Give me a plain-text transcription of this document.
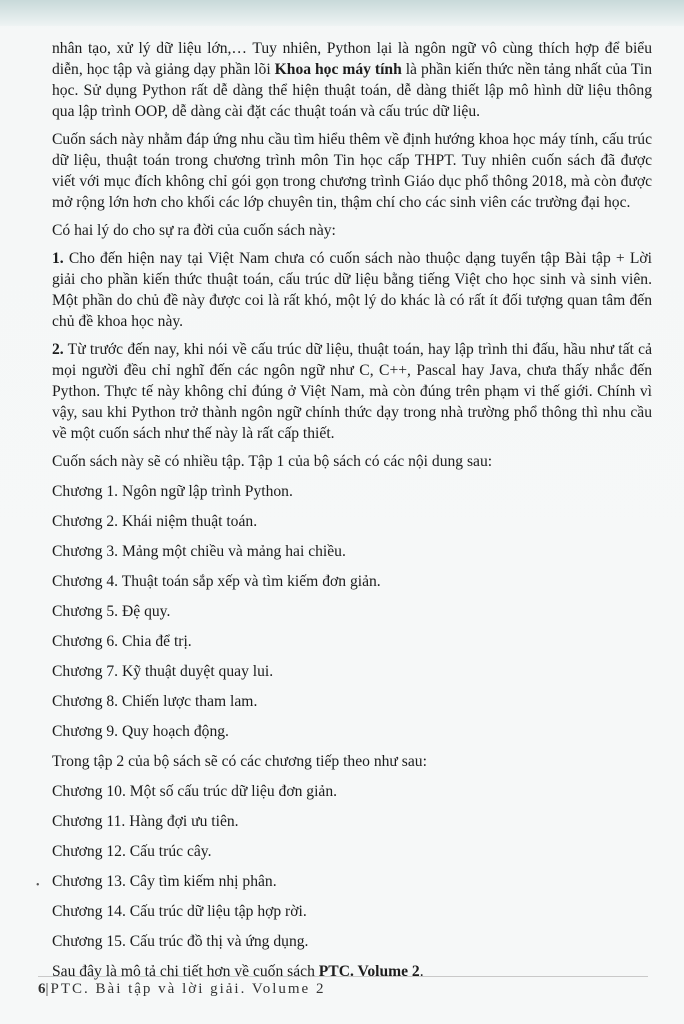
nhân tạo, xử lý dữ liệu lớn,… Tuy nhiên, Python lại là ngôn ngữ vô cùng thích hợp để biểu diễn, học tập và giảng dạy phần lõi Khoa học máy tính là phần kiến thức nền tảng nhất của Tin học. Sử dụng Python rất dễ dàng thể hiện thuật toán, dễ dàng thiết lập mô hình dữ liệu thông qua lập trình OOP, dễ dàng cài đặt các thuật toán và cấu trúc dữ liệu.

Cuốn sách này nhằm đáp ứng nhu cầu tìm hiểu thêm về định hướng khoa học máy tính, cấu trúc dữ liệu, thuật toán trong chương trình môn Tin học cấp THPT. Tuy nhiên cuốn sách đã được viết với mục đích không chỉ gói gọn trong chương trình Giáo dục phổ thông 2018, mà còn được mở rộng lớn hơn cho khối các lớp chuyên tin, thậm chí cho các sinh viên các trường đại học.

Có hai lý do cho sự ra đời của cuốn sách này:

1. Cho đến hiện nay tại Việt Nam chưa có cuốn sách nào thuộc dạng tuyển tập Bài tập + Lời giải cho phần kiến thức thuật toán, cấu trúc dữ liệu bằng tiếng Việt cho học sinh và sinh viên. Một phần do chủ đề này được coi là rất khó, một lý do khác là có rất ít đối tượng quan tâm đến chủ đề khoa học này.

2. Từ trước đến nay, khi nói về cấu trúc dữ liệu, thuật toán, hay lập trình thi đấu, hầu như tất cả mọi người đều chỉ nghĩ đến các ngôn ngữ như C, C++, Pascal hay Java, chưa thấy nhắc đến Python. Thực tế này không chỉ đúng ở Việt Nam, mà còn đúng trên phạm vi thế giới. Chính vì vậy, sau khi Python trở thành ngôn ngữ chính thức dạy trong nhà trường phổ thông thì nhu cầu về một cuốn sách như thế này là rất cấp thiết.

Cuốn sách này sẽ có nhiều tập. Tập 1 của bộ sách có các nội dung sau:

Chương 1. Ngôn ngữ lập trình Python.

Chương 2. Khái niệm thuật toán.

Chương 3. Mảng một chiều và mảng hai chiều.

Chương 4. Thuật toán sắp xếp và tìm kiếm đơn giản.

Chương 5. Đệ quy.

Chương 6. Chia để trị.

Chương 7. Kỹ thuật duyệt quay lui.

Chương 8. Chiến lược tham lam.

Chương 9. Quy hoạch động.

Trong tập 2 của bộ sách sẽ có các chương tiếp theo như sau:

Chương 10. Một số cấu trúc dữ liệu đơn giản.

Chương 11. Hàng đợi ưu tiên.

Chương 12. Cấu trúc cây.

Chương 13. Cây tìm kiếm nhị phân.

Chương 14. Cấu trúc dữ liệu tập hợp rời.

Chương 15. Cấu trúc đồ thị và ứng dụng.

Sau đây là mô tả chi tiết hơn về cuốn sách PTC. Volume 2.

•
6|PTC. Bài tập và lời giải. Volume 2
